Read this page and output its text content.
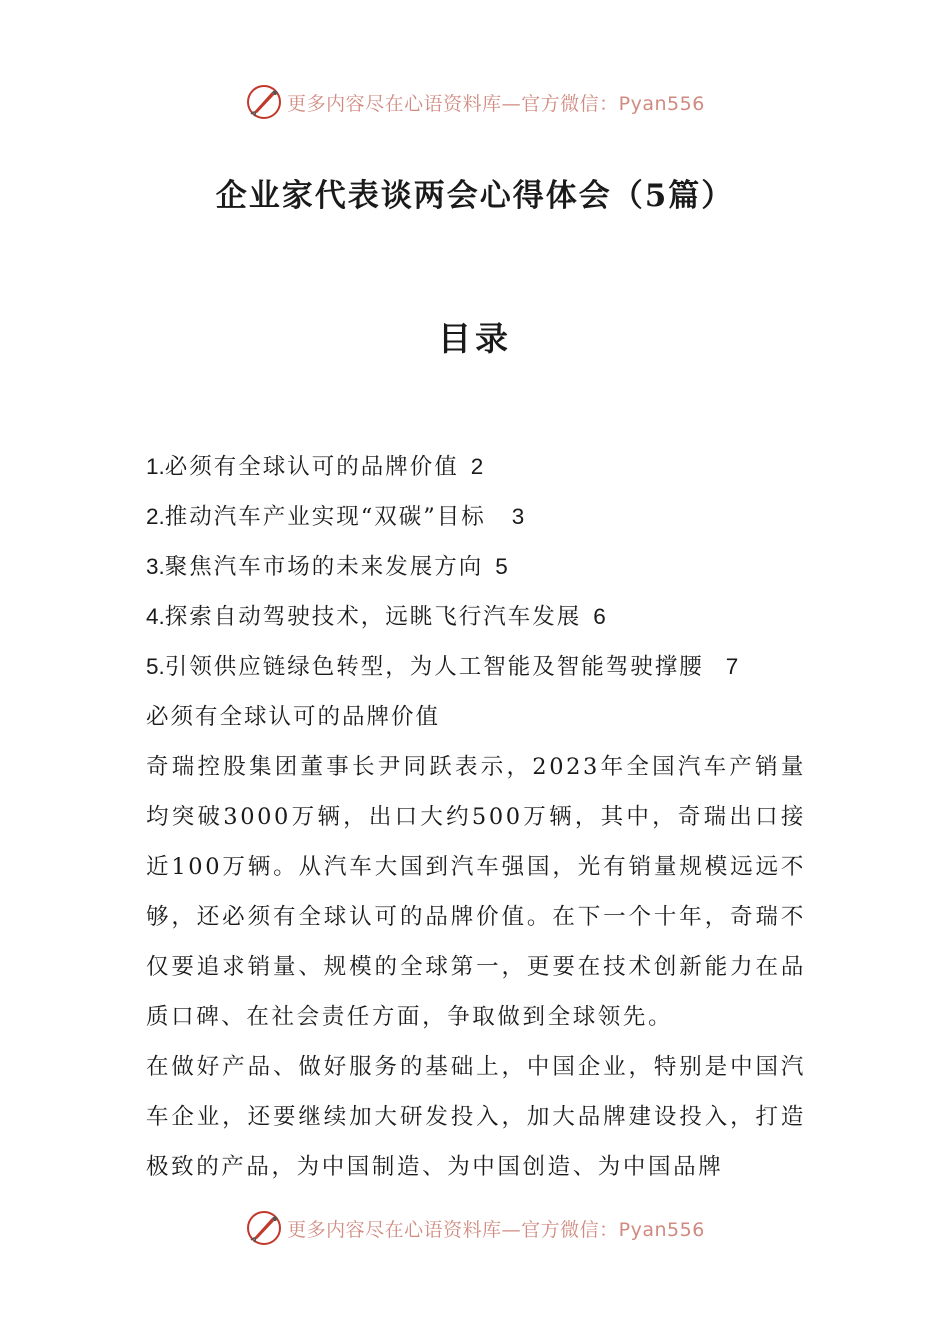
更多内容尽在心语资料库—官方微信：Pyan556
企业家代表谈两会心得体会（5篇）
目录
1.必须有全球认可的品牌价值 2
2.推动汽车产业实现“双碳”目标 3
3.聚焦汽车市场的未来发展方向 5
4.探索自动驾驶技术，远眺飞行汽车发展 6
5.引领供应链绿色转型，为人工智能及智能驾驶撑腰 7
必须有全球认可的品牌价值

奇瑞控股集团董事长尹同跃表示，2023年全国汽车产销量均突破3000万辆，出口大约500万辆，其中，奇瑞出口接近100万辆。从汽车大国到汽车强国，光有销量规模远远不够，还必须有全球认可的品牌价值。在下一个十年，奇瑞不仅要追求销量、规模的全球第一，更要在技术创新能力在品质口碑、在社会责任方面，争取做到全球领先。

在做好产品、做好服务的基础上，中国企业，特别是中国汽车企业，还要继续加大研发投入，加大品牌建设投入，打造极致的产品，为中国制造、为中国创造、为中国品牌

更多内容尽在心语资料库—官方微信：Pyan556
